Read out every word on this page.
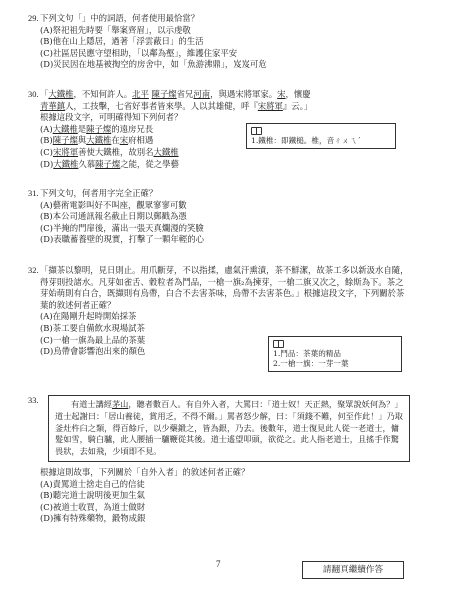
29. 下列文句「」中的詞語，何者使用最恰當？

(A)祭祀祖先時要「舉案齊眉」，以示虔敬

(B)他在山上隱居，過著「浮雲蔽日」的生活

(C)社區居民應守望相助，「以鄰為壑」，維護住家平安

(D)災民因在地基被掏空的房舍中，如「魚游沸鼎」，岌岌可危

30. 「大鐵椎，不知何許人。北平 陳子燦省兄河南，與遇宋將軍家。宋，懷慶
青華鎮人，工技擊，七省好事者皆來學。人以其雄健，呼『宋將軍』云。」
根據這段文字，可明確得知下列何者？

(A)大鐵椎是陳子燦的遠房兄長

(B)陳子燦與大鐵椎在宋府相遇

(C)宋將軍善使大鐵椎，故別名大鐵椎

(D)大鐵椎久慕陳子燦之能，從之學藝

1.鐵椎：即鐵槌。椎，音ㄔㄨㄟˊ
31. 下列文句，何者用字完全正確？

(A)藝術電影叫好不叫座，觀眾寥寥可數

(B)本公司通訊報名截止日期以郵戳為憑

(C)半掩的門扉後，滿出一張天真爛漫的笑臉

(D)表職蓄養壁的現實，打擊了一顆年輕的心

32. 「擷茶以黎明，見日則止。用爪斷芽，不以指揉，慮氣汗熏漬，茶不鮮潔，故茶工多以新汲水自隨，得芽則投諸水。凡芽如雀舌、穀粒者為鬥品，一槍一旗₂為揀芽，一槍二旗又次之，餘斯為下。茶之芽始萌則有白合，既擷則有烏帶，白合不去害茶味，烏帶不去害茶色。」根據這段文字，下列關於茶葉的敘述何者正確？

(A)在陽剛升起時開始採茶

(B)茶工要自備飲水現場試茶

(C)一槍一旗為最上品的茶葉

(D)烏帶會影響泡出來的顏色	1.鬥品：茶葉的精品
2.一槍一旗：一芽一葉
33.	有道士講經茅山，聽者數百人。有自外入者，大罵曰：「道士奴！天正熱，聚眾說妖何為？」道士起謝曰：「居山養徒，賞用乏，不得不爾。」罵者怒少解，曰：「須錢不難，何至作此！」乃取釜灶杵臼之類，得百餘斤，以少藥鍛之，皆為銀，乃去。後數年，道士復見此人從一老道士，傭髮如雪，騎白驢，此人腰插一驢鞭從其後。道士遙望叩頭，欲從之。此人指老道士，且搖手作驚畏狀，去如飛，少頃即不見。

根據這則故事，下列關於「自外入者」的敘述何者正確？

(A)責罵道士捨走自己的信徒

(B)聽完道士說明後更加生氣

(C)被道士收買，為道士做財

(D)擁有特殊藥物，鍛物成銀

7
請翻頁繼續作答
